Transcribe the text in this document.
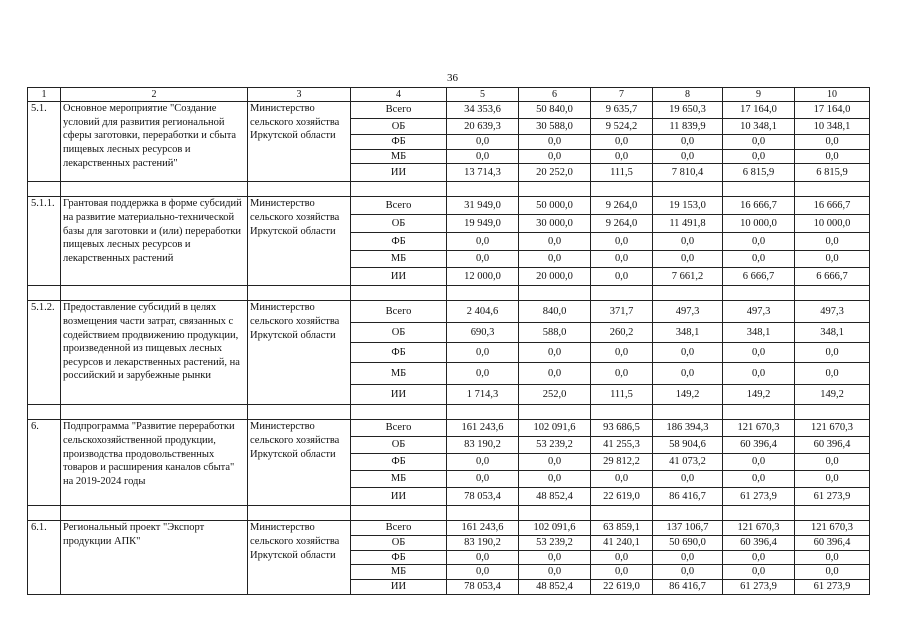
36
1	2	3	4	5	6	7	8	9	10
5.1.	Основное мероприятие "Создание условий для развития региональной сферы заготовки, переработки и сбыта пищевых лесных ресурсов и лекарственных растений"	Министерство сельского хозяйства Иркутской области	Всего	34 353,6	50 840,0	9 635,7	19 650,3	17 164,0	17 164,0
			ОБ	20 639,3	30 588,0	9 524,2	11 839,9	10 348,1	10 348,1
			ФБ	0,0	0,0	0,0	0,0	0,0	0,0
			МБ	0,0	0,0	0,0	0,0	0,0	0,0
			ИИ	13 714,3	20 252,0	111,5	7 810,4	6 815,9	6 815,9

5.1.1.	Грантовая поддержка в форме субсидий на развитие материально-технической базы для заготовки и (или) переработки пищевых лесных ресурсов и лекарственных растений	Министерство сельского хозяйства Иркутской области	Всего	31 949,0	50 000,0	9 264,0	19 153,0	16 666,7	16 666,7
			ОБ	19 949,0	30 000,0	9 264,0	11 491,8	10 000,0	10 000,0
			ФБ	0,0	0,0	0,0	0,0	0,0	0,0
			МБ	0,0	0,0	0,0	0,0	0,0	0,0
			ИИ	12 000,0	20 000,0	0,0	7 661,2	6 666,7	6 666,7

5.1.2.	Предоставление субсидий в целях возмещения части затрат, связанных с содействием продвижению продукции, произведенной из пищевых лесных ресурсов и лекарственных растений, на российский и зарубежные рынки	Министерство сельского хозяйства Иркутской области	Всего	2 404,6	840,0	371,7	497,3	497,3	497,3
			ОБ	690,3	588,0	260,2	348,1	348,1	348,1
			ФБ	0,0	0,0	0,0	0,0	0,0	0,0
			МБ	0,0	0,0	0,0	0,0	0,0	0,0
			ИИ	1 714,3	252,0	111,5	149,2	149,2	149,2

6.	Подпрограмма "Развитие переработки сельскохозяйственной продукции, производства продовольственных товаров и расширения каналов сбыта" на 2019-2024 годы	Министерство сельского хозяйства Иркутской области	Всего	161 243,6	102 091,6	93 686,5	186 394,3	121 670,3	121 670,3
			ОБ	83 190,2	53 239,2	41 255,3	58 904,6	60 396,4	60 396,4
			ФБ	0,0	0,0	29 812,2	41 073,2	0,0	0,0
			МБ	0,0	0,0	0,0	0,0	0,0	0,0
			ИИ	78 053,4	48 852,4	22 619,0	86 416,7	61 273,9	61 273,9

6.1.	Региональный проект "Экспорт продукции АПК"	Министерство сельского хозяйства Иркутской области	Всего	161 243,6	102 091,6	63 859,1	137 106,7	121 670,3	121 670,3
			ОБ	83 190,2	53 239,2	41 240,1	50 690,0	60 396,4	60 396,4
			ФБ	0,0	0,0	0,0	0,0	0,0	0,0
			МБ	0,0	0,0	0,0	0,0	0,0	0,0
			ИИ	78 053,4	48 852,4	22 619,0	86 416,7	61 273,9	61 273,9
